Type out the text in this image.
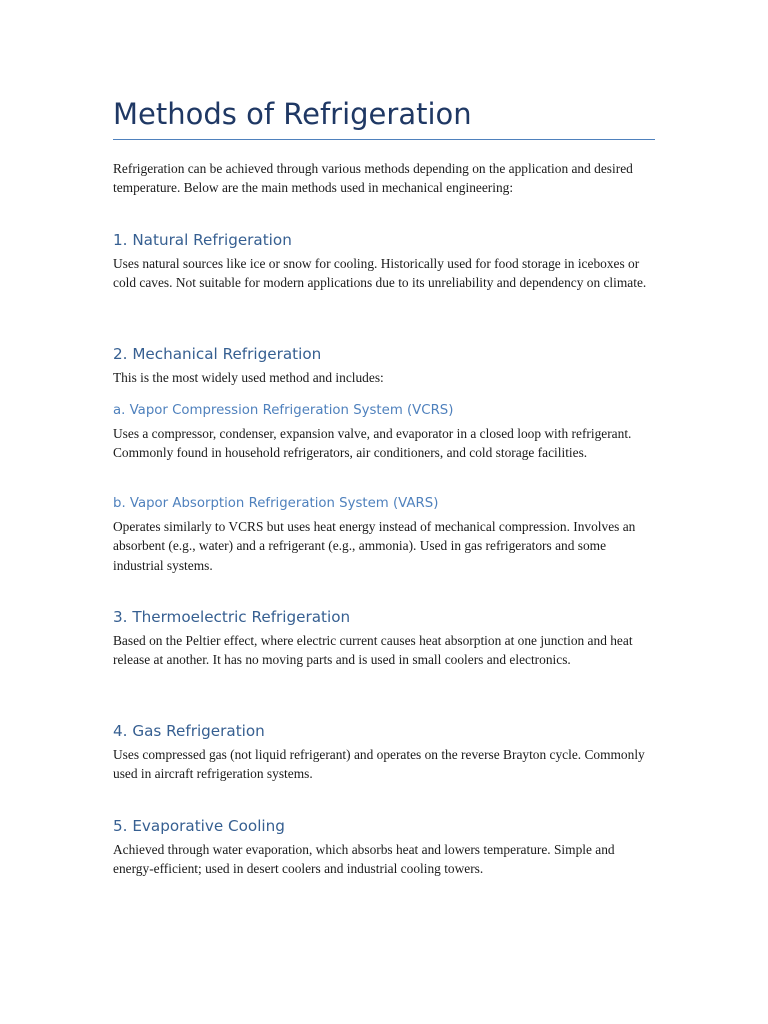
Methods of Refrigeration

Refrigeration can be achieved through various methods depending on the application and desired temperature. Below are the main methods used in mechanical engineering:

1. Natural Refrigeration

Uses natural sources like ice or snow for cooling. Historically used for food storage in iceboxes or cold caves. Not suitable for modern applications due to its unreliability and dependency on climate.

2. Mechanical Refrigeration

This is the most widely used method and includes:

a. Vapor Compression Refrigeration System (VCRS)

Uses a compressor, condenser, expansion valve, and evaporator in a closed loop with refrigerant. Commonly found in household refrigerators, air conditioners, and cold storage facilities.

b. Vapor Absorption Refrigeration System (VARS)

Operates similarly to VCRS but uses heat energy instead of mechanical compression. Involves an absorbent (e.g., water) and a refrigerant (e.g., ammonia). Used in gas refrigerators and some industrial systems.

3. Thermoelectric Refrigeration

Based on the Peltier effect, where electric current causes heat absorption at one junction and heat release at another. It has no moving parts and is used in small coolers and electronics.

4. Gas Refrigeration

Uses compressed gas (not liquid refrigerant) and operates on the reverse Brayton cycle. Commonly used in aircraft refrigeration systems.

5. Evaporative Cooling

Achieved through water evaporation, which absorbs heat and lowers temperature. Simple and energy-efficient; used in desert coolers and industrial cooling towers.
